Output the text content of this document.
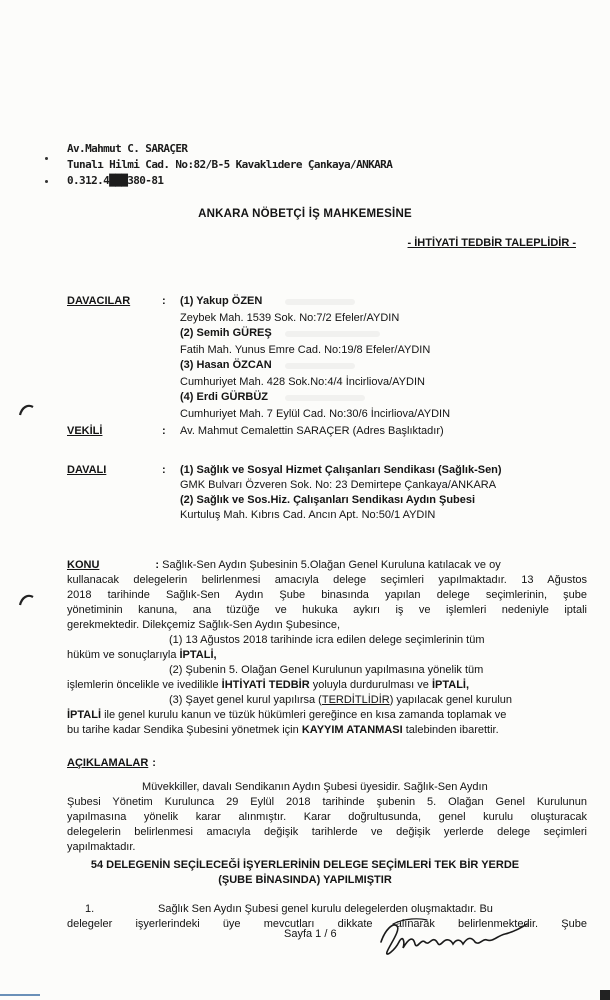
Av.Mahmut C. SARAÇER
Tunalı Hilmi Cad. No:82/B-5 Kavaklıdere Çankaya/ANKARA
0.312.4███380-81
ANKARA NÖBETÇİ İŞ MAHKEMESİNE
- İHTİYATİ TEDBİR TALEPLİDİR -
DAVACILAR	: (1) Yakup ÖZEN
Zeybek Mah. 1539 Sok. No:7/2 Efeler/AYDIN
(2) Semih GÜREŞ
Fatih Mah. Yunus Emre Cad. No:19/8 Efeler/AYDIN
(3) Hasan ÖZCAN
Cumhuriyet Mah. 428 Sok.No:4/4 İncirliova/AYDIN
(4) Erdi GÜRBÜZ
Cumhuriyet Mah. 7 Eylül Cad. No:30/6 İncirliova/AYDIN
VEKİLİ	: Av. Mahmut Cemalettin SARAÇER (Adres Başlıktadır)
DAVALI	: (1) Sağlık ve Sosyal Hizmet Çalışanları Sendikası (Sağlık-Sen)
GMK Bulvarı Özveren Sok. No: 23 Demirtepe Çankaya/ANKARA
(2) Sağlık ve Sos.Hiz. Çalışanları Sendikası Aydın Şubesi
Kurtuluş Mah. Kıbrıs Cad. Ancın Apt. No:50/1 AYDIN
KONU	: Sağlık-Sen Aydın Şubesinin 5.Olağan Genel Kuruluna katılacak ve oy
kullanacak delegelerin belirlenmesi amacıyla delege seçimleri yapılmaktadır. 13 Ağustos
2018 tarihinde Sağlık-Sen Aydın Şube binasında yapılan delege seçimlerinin, şube
yönetiminin kanuna, ana tüzüğe ve hukuka aykırı iş ve işlemleri nedeniyle iptali
gerekmektedir. Dilekçemiz Sağlık-Sen Aydın Şubesince,
(1) 13 Ağustos 2018 tarihinde icra edilen delege seçimlerinin tüm
hüküm ve sonuçlarıyla İPTALİ,
(2) Şubenin 5. Olağan Genel Kurulunun yapılmasına yönelik tüm
işlemlerin öncelikle ve ivedilikle İHTİYATİ TEDBİR yoluyla durdurulması ve İPTALİ,
(3) Şayet genel kurul yapılırsa (TERDİTLİDİR) yapılacak genel kurulun
İPTALİ ile genel kurulu kanun ve tüzük hükümleri gereğince en kısa zamanda toplamak ve
bu tarihe kadar Sendika Şubesini yönetmek için KAYYIM ATANMASI talebinden ibarettir.
AÇIKLAMALAR :
Müvekkiller, davalı Sendikanın Aydın Şubesi üyesidir. Sağlık-Sen Aydın
Şubesi Yönetim Kurulunca 29 Eylül 2018 tarihinde şubenin 5. Olağan Genel Kurulunun
yapılmasına yönelik karar alınmıştır. Karar doğrultusunda, genel kurulu oluşturacak
delegelerin belirlenmesi amacıyla değişik tarihlerde ve değişik yerlerde delege seçimleri
yapılmaktadır.
54 DELEGENİN SEÇİLECEĞİ İŞYERLERİNİN DELEGE SEÇİMLERİ TEK BİR YERDE
(ŞUBE BİNASINDA) YAPILMIŞTIR
1.	Sağlık Sen Aydın Şubesi genel kurulu delegelerden oluşmaktadır. Bu
delegeler işyerlerindeki üye mevcutları dikkate alınarak belirlenmektedir. Şube
Sayfa 1 / 6
